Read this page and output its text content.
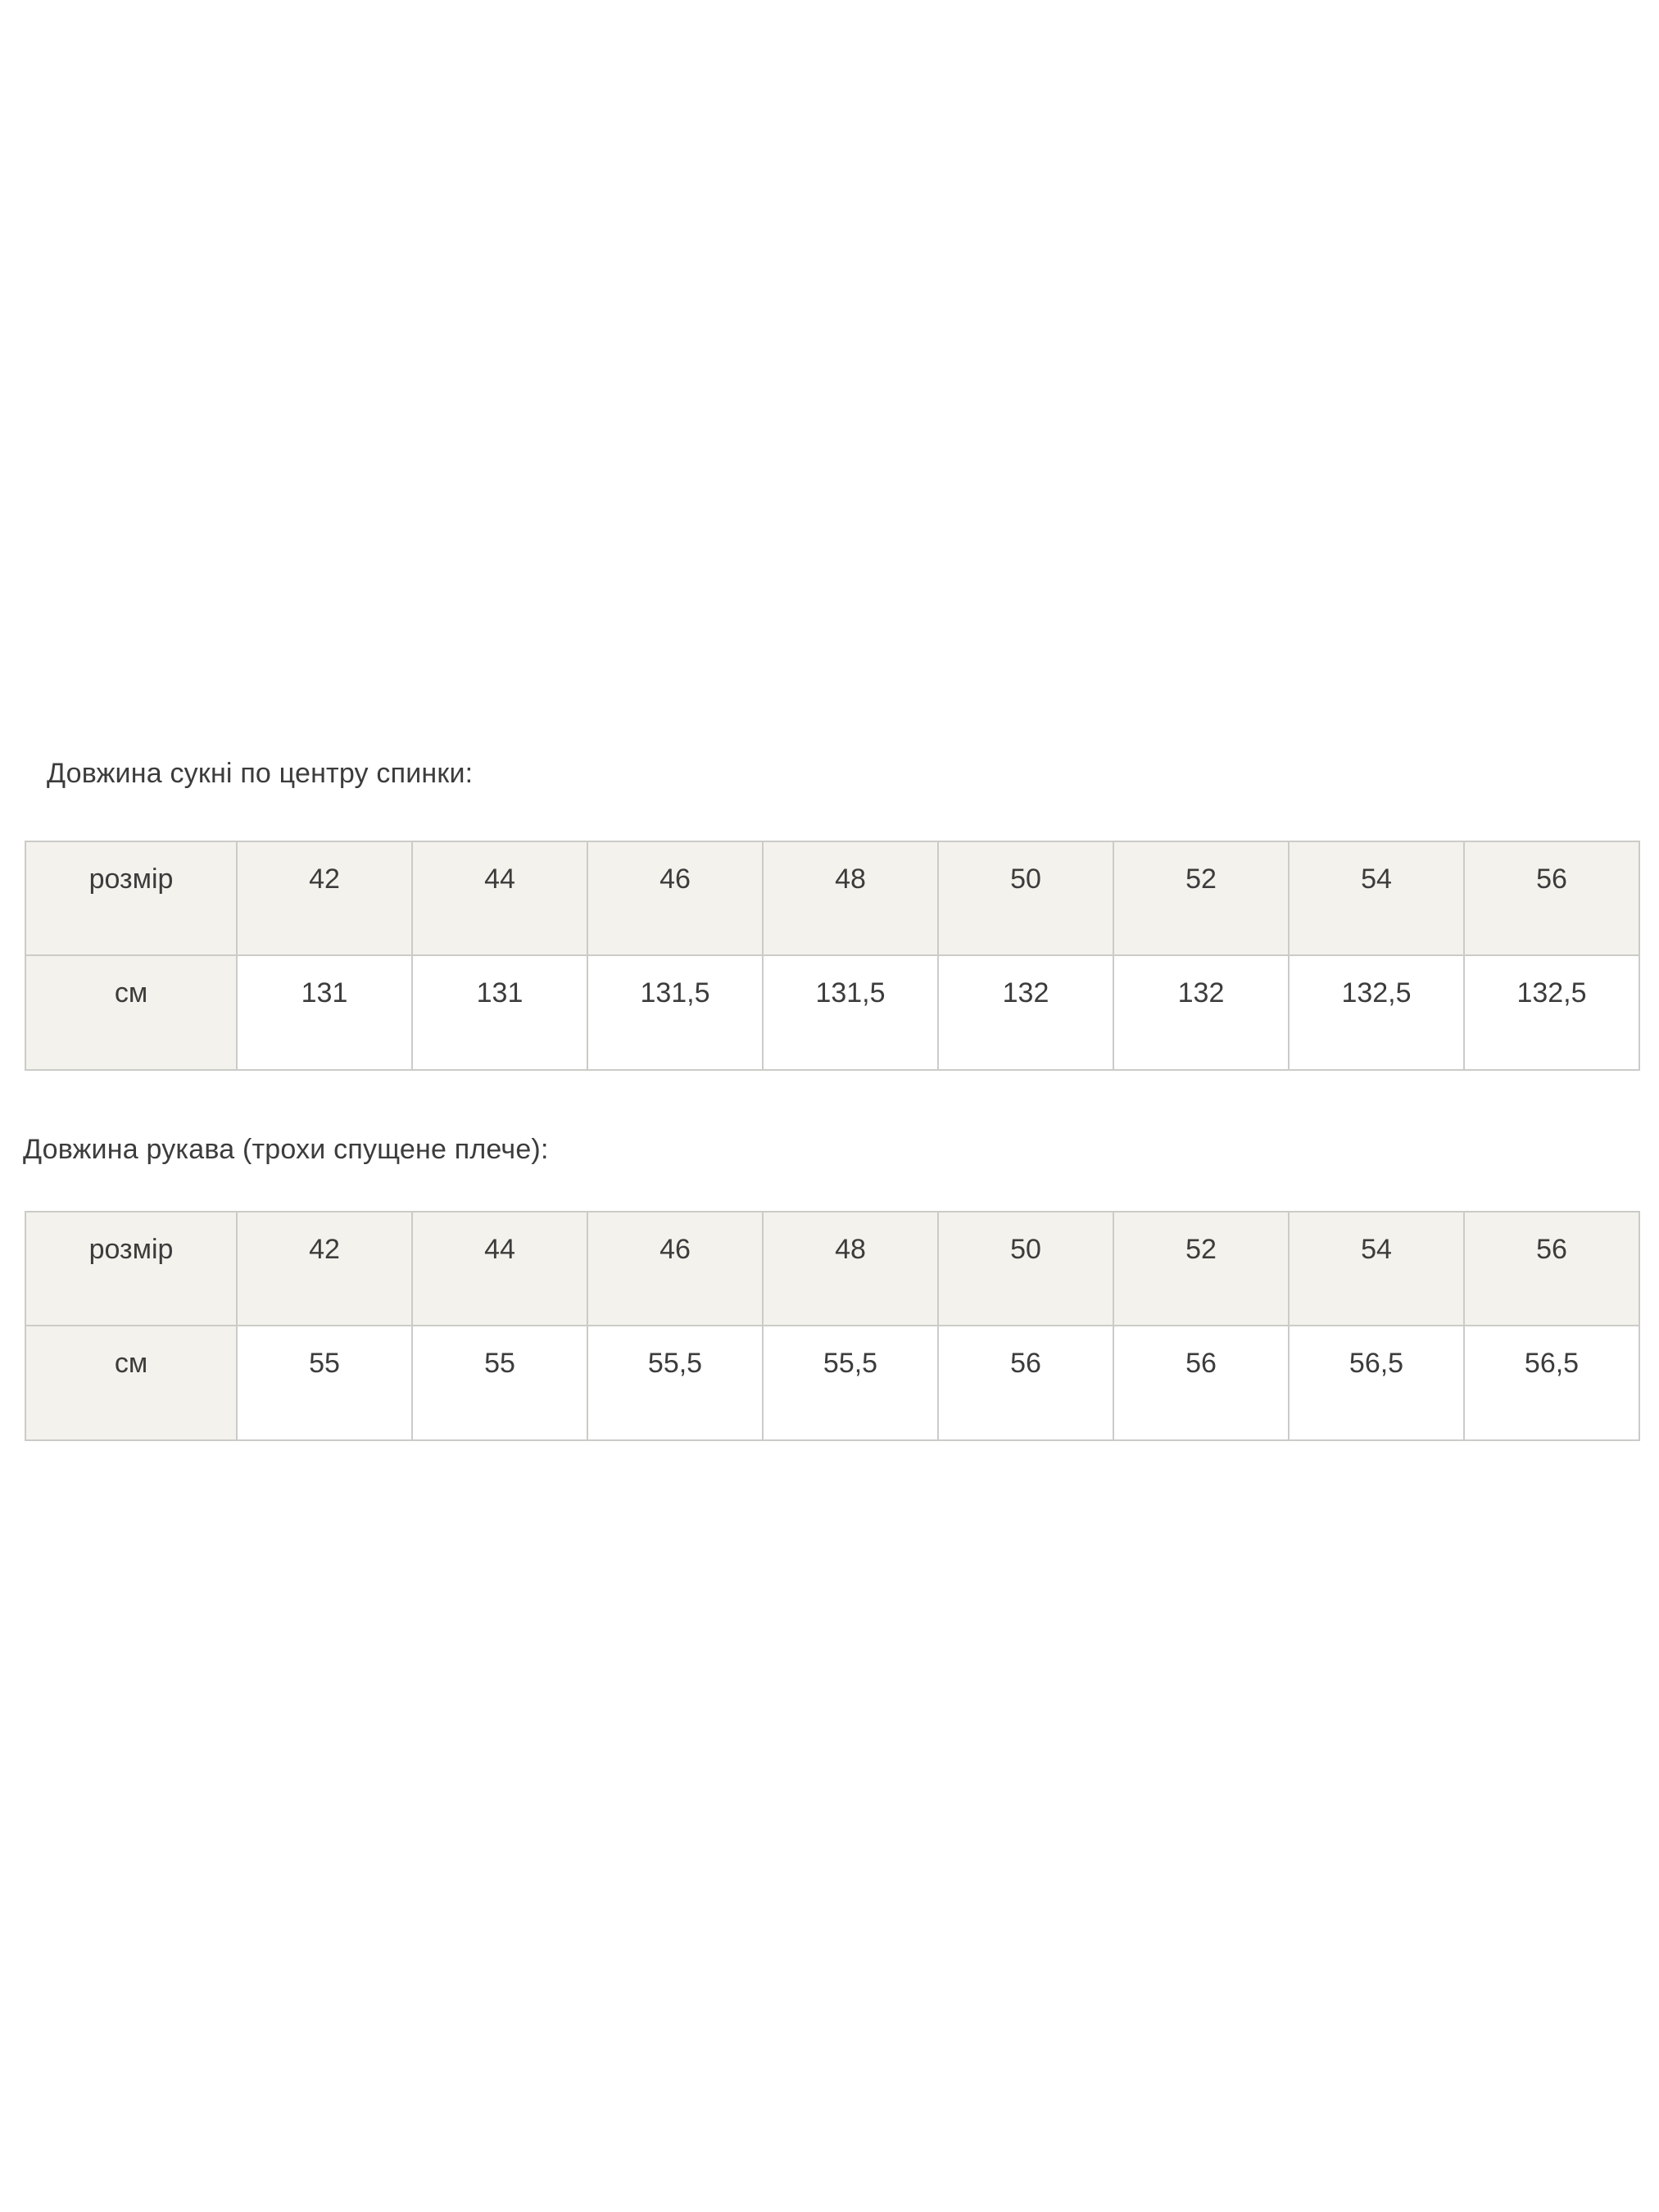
Довжина сукні по центру спинки:
розмір	42	44	46	48	50	52	54	56
см	131	131	131,5	131,5	132	132	132,5	132,5
Довжина рукава (трохи спущене плече):
розмір	42	44	46	48	50	52	54	56
см	55	55	55,5	55,5	56	56	56,5	56,5
